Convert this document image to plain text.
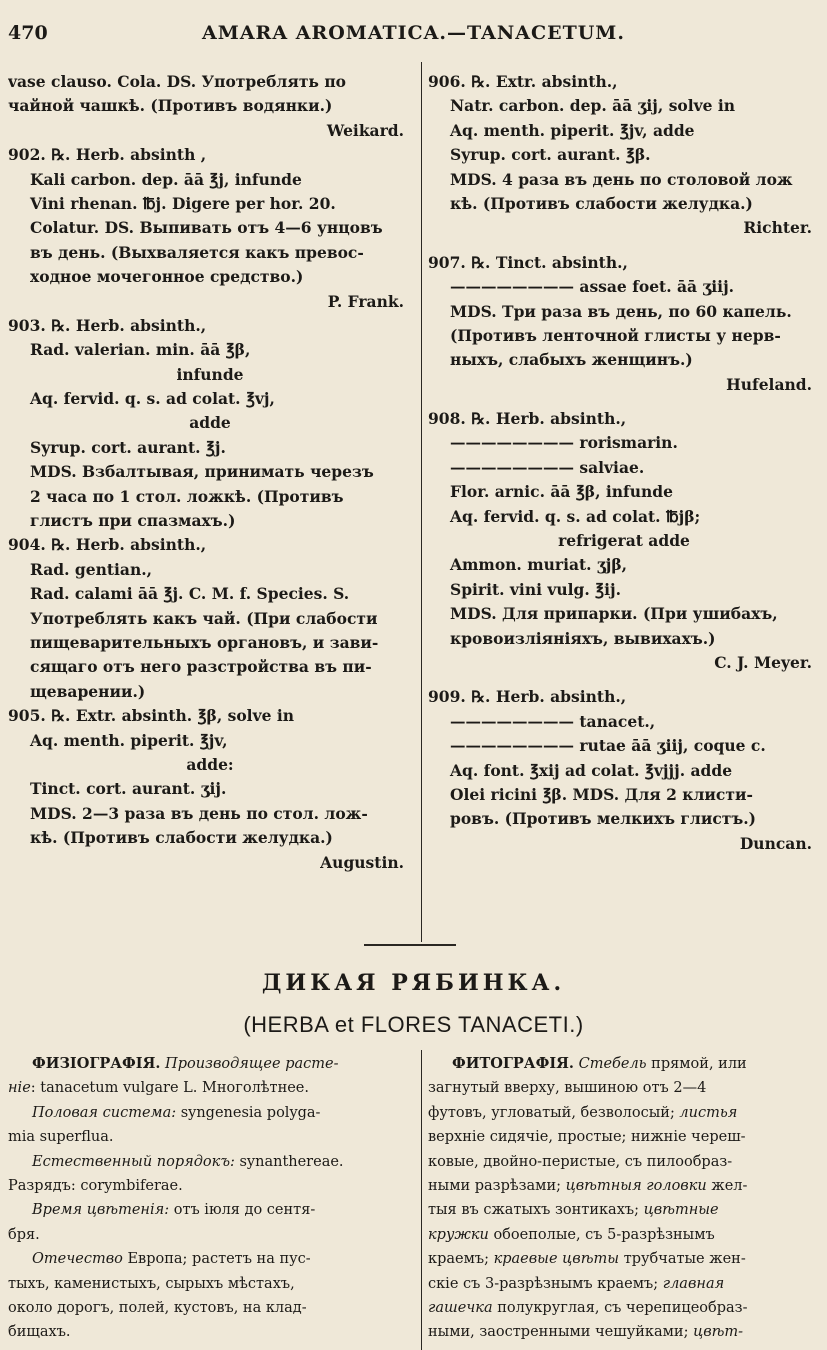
470	AMARA AROMATICA.—TANACETUM.
vase clauso. Cola. DS. Употреблять по
чайной чашкѣ. (Противъ водянки.)
Weikard.
902. ℞. Herb. absinth ,
Kali carbon. dep. āā ℥j, infunde
Vini rhenan. ℔j. Digere per hor. 20.
Colatur. DS. Выпивать отъ 4—6 унцовъ
въ день. (Выхваляется какъ превос-
ходное мочегонное средство.)
P. Frank.
903. ℞. Herb. absinth.,
Rad. valerian. min. āā ℥β,
infunde
Aq. fervid. q. s. ad colat. ℥vj,
adde
Syrup. cort. aurant. ℥j.
MDS. Взбалтывая, принимать черезъ
2 часа по 1 стол. ложкѣ. (Противъ
глистъ при спазмахъ.)
904. ℞. Herb. absinth.,
Rad. gentian.,
Rad. calami āā ℥j. C. M. f. Species. S.
Употреблять какъ чай. (При слабости
пищеварительныхъ органовъ, и зави-
сящаго отъ него разстройства въ пи-
щеварении.)
905. ℞. Extr. absinth. ℥β, solve in
Aq. menth. piperit. ℥jv,
adde:
Tinct. cort. aurant. ʒij.
MDS. 2—3 раза въ день по стол. лож-
кѣ. (Противъ слабости желудка.)
Augustin.
906. ℞. Extr. absinth.,
Natr. carbon. dep. āā ʒij, solve in
Aq. menth. piperit. ℥jv, adde
Syrup. cort. aurant. ℥β.
MDS. 4 раза въ день по столовой лож
кѣ. (Противъ слабости желудка.)
Richter.
907. ℞. Tinct. absinth.,
———————— assae foet. āā ʒiij.
MDS. Три раза въ день, по 60 капель.
(Противъ ленточной глисты у нерв-
ныхъ, слабыхъ женщинъ.)
Hufeland.
908. ℞. Herb. absinth.,
———————— rorismarin.
———————— salviae.
Flor. arnic. āā ℥β, infunde
Aq. fervid. q. s. ad colat. ℔jβ;
refrigerat adde
Ammon. muriat. ʒjβ,
Spirit. vini vulg. ℥ij.
MDS. Для припарки. (При ушибахъ,
кровоизлiянiяхъ, вывихахъ.)
C. J. Meyer.
909. ℞. Herb. absinth.,
———————— tanacet.,
———————— rutae āā ʒiij, coque c.
Aq. font. ℥xij ad colat. ℥vjjj. adde
Olei ricini ℥β. MDS. Для 2 клисти-
ровъ. (Противъ мелкихъ глистъ.)
Duncan.
ДИКАЯ РЯБИНКА.
(HERBA et FLORES TANACETI.)
ФИЗIОГРАФIЯ. Производящее расте-
нiе: tanacetum vulgare L. Многолѣтнее.
Половая система: syngenesia polyga-
mia superflua.
Естественный порядокъ: synanthereae.
Разрядъ: corymbiferae.
Время цвѣтенiя: отъ iюля до сентя-
бря.
Отечество Европа; растетъ на пус-
тыхъ, каменистыхъ, сырыхъ мѣстахъ,
около дорогъ, полей, кустовъ, на клад-
бищахъ.
ФИТОГРАФIЯ. Стебель прямой, или
загнутый вверху, вышиною отъ 2—4
футовъ, угловатый, безволосый; листья
верхнiе сидячiе, простые; нижнiе череш-
ковые, двойно-перистые, съ пилообраз-
ными разрѣзами; цвѣтныя головки жел-
тыя въ сжатыхъ зонтикахъ; цвѣтные
кружки обоеполые, съ 5-разрѣзнымъ
краемъ; краевые цвѣты трубчатые жен-
скiе съ 3-разрѣзнымъ краемъ; главная
гашечка полукруглая, съ черепицеобраз-
ными, заостренными чешуйками; цвѣт-
